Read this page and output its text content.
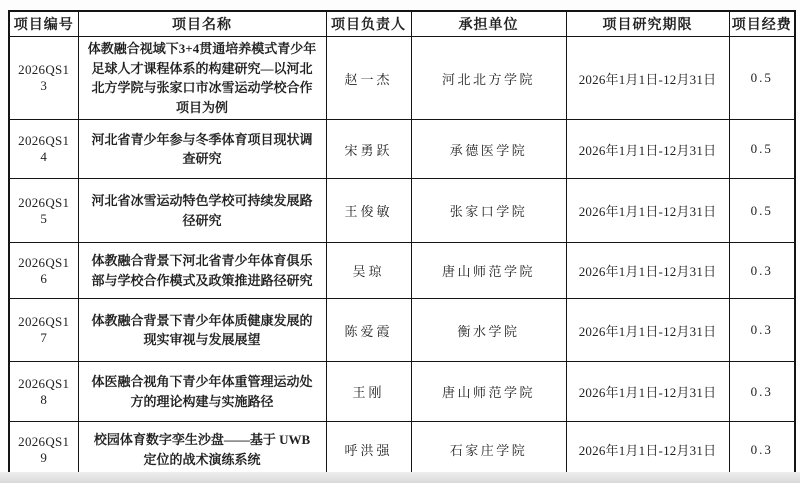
项目编号	项目名称	项目负责人	承担单位	项目研究期限	项目经费
2026QS13	体教融合视域下3+4贯通培养模式青少年足球人才课程体系的构建研究—以河北北方学院与张家口市冰雪运动学校合作项目为例	赵一杰	河北北方学院	2026年1月1日-12月31日	0.5
2026QS14	河北省青少年参与冬季体育项目现状调查研究	宋勇跃	承德医学院	2026年1月1日-12月31日	0.5
2026QS15	河北省冰雪运动特色学校可持续发展路径研究	王俊敏	张家口学院	2026年1月1日-12月31日	0.5
2026QS16	体教融合背景下河北省青少年体育俱乐部与学校合作模式及政策推进路径研究	吴琼	唐山师范学院	2026年1月1日-12月31日	0.3
2026QS17	体教融合背景下青少年体质健康发展的现实审视与发展展望	陈爱霞	衡水学院	2026年1月1日-12月31日	0.3
2026QS18	体医融合视角下青少年体重管理运动处方的理论构建与实施路径	王刚	唐山师范学院	2026年1月1日-12月31日	0.3
2026QS19	校园体育数字孪生沙盘——基于 UWB 定位的战术演练系统	呼洪强	石家庄学院	2026年1月1日-12月31日	0.3
